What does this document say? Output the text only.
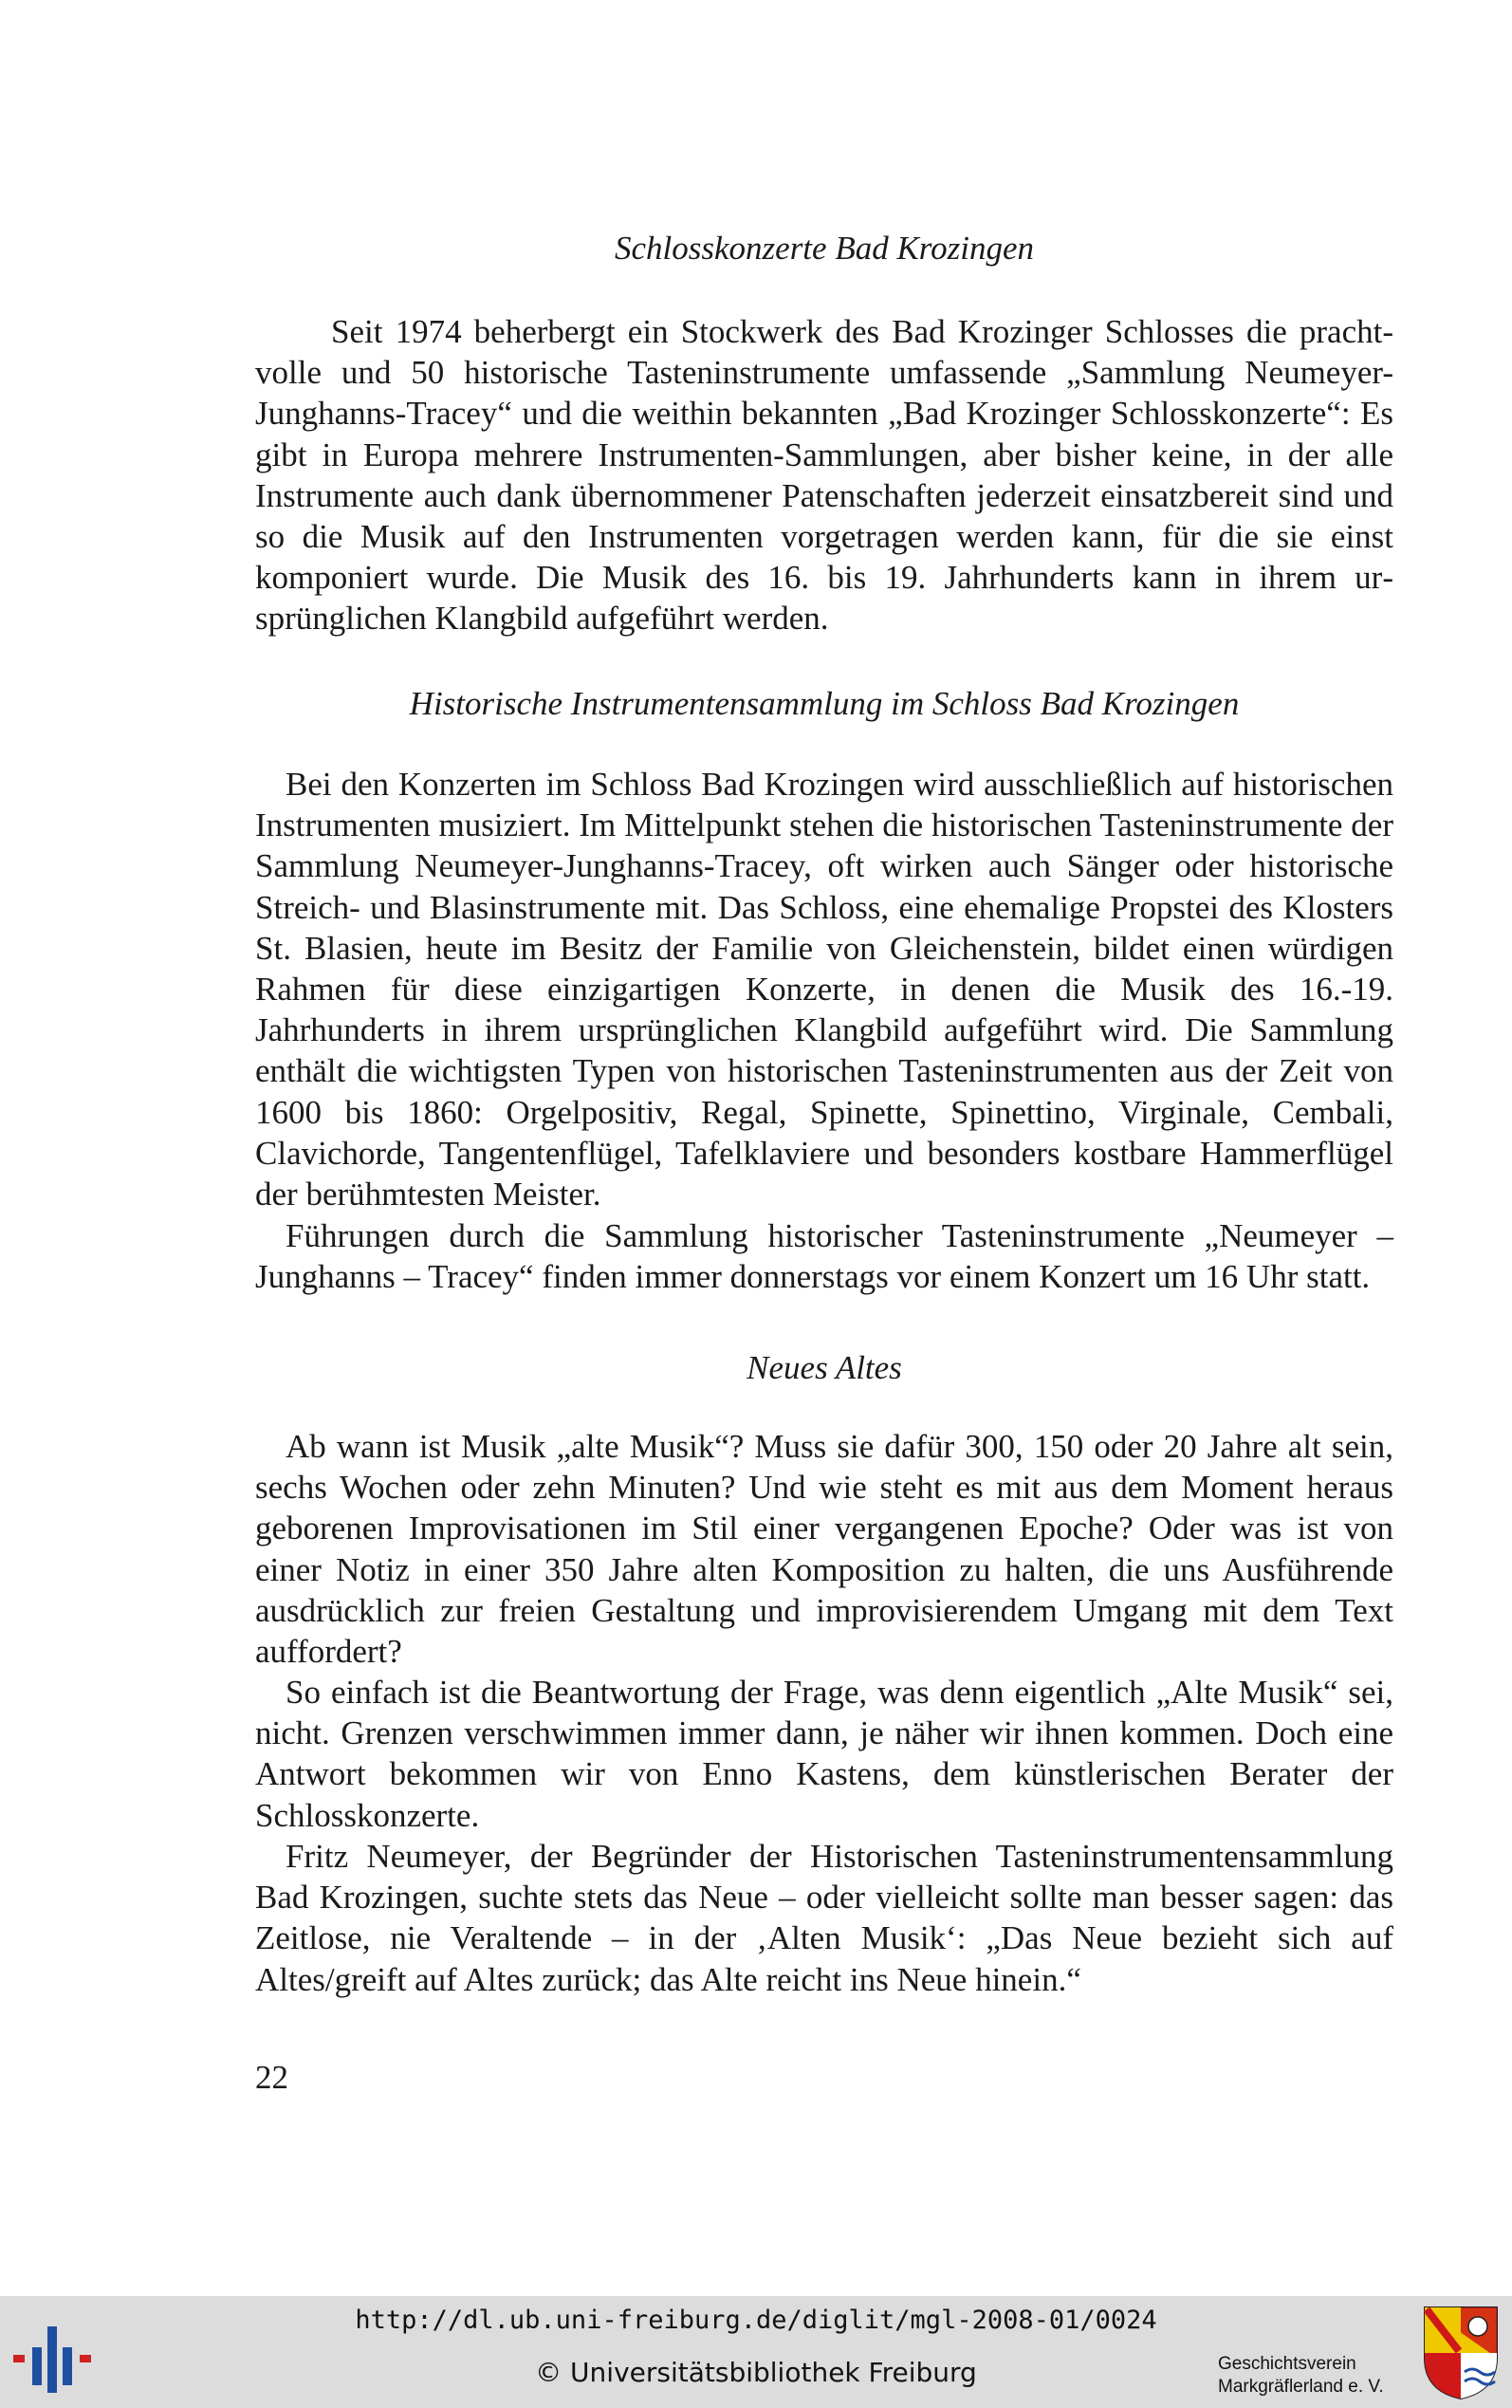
Schlosskonzerte Bad Krozingen

Seit 1974 beherbergt ein Stockwerk des Bad Krozinger Schlosses die prachtvolle und 50 historische Tasteninstrumente umfassende „Sammlung Neumeyer-Junghanns-Tracey“ und die weithin bekannten „Bad Krozinger Schlosskonzerte“: Es gibt in Europa mehrere Instrumenten-Sammlungen, aber bisher keine, in der alle Instrumente auch dank übernommener Patenschaften jederzeit einsatzbereit sind und so die Musik auf den Instrumenten vorgetragen werden kann, für die sie einst komponiert wurde. Die Musik des 16. bis 19. Jahrhunderts kann in ihrem ursprünglichen Klangbild aufgeführt werden.

Historische Instrumentensammlung im Schloss Bad Krozingen

Bei den Konzerten im Schloss Bad Krozingen wird ausschließlich auf historischen Instrumenten musiziert. Im Mittelpunkt stehen die historischen Tasteninstrumente der Sammlung Neumeyer-Junghanns-Tracey, oft wirken auch Sänger oder historische Streich- und Blasinstrumente mit. Das Schloss, eine ehemalige Propstei des Klosters St. Blasien, heute im Besitz der Familie von Gleichenstein, bildet einen würdigen Rahmen für diese einzigartigen Konzerte, in denen die Musik des 16.-19. Jahrhunderts in ihrem ursprünglichen Klangbild aufgeführt wird. Die Sammlung enthält die wichtigsten Typen von historischen Tasteninstrumenten aus der Zeit von 1600 bis 1860: Orgelpositiv, Regal, Spinette, Spinettino, Virginale, Cembali, Clavichorde, Tangentenflügel, Tafelklaviere und besonders kostbare Hammerflügel der berühmtesten Meister.

Führungen durch die Sammlung historischer Tasteninstrumente „Neumeyer – Junghanns – Tracey“ finden immer donnerstags vor einem Konzert um 16 Uhr statt.

Neues Altes

Ab wann ist Musik „alte Musik“? Muss sie dafür 300, 150 oder 20 Jahre alt sein, sechs Wochen oder zehn Minuten? Und wie steht es mit aus dem Moment heraus geborenen Improvisationen im Stil einer vergangenen Epoche? Oder was ist von einer Notiz in einer 350 Jahre alten Komposition zu halten, die uns Ausführende ausdrücklich zur freien Gestaltung und improvisierendem Umgang mit dem Text auffordert?

So einfach ist die Beantwortung der Frage, was denn eigentlich „Alte Musik“ sei, nicht. Grenzen verschwimmen immer dann, je näher wir ihnen kommen. Doch eine Antwort bekommen wir von Enno Kastens, dem künstlerischen Berater der Schlosskonzerte.

Fritz Neumeyer, der Begründer der Historischen Tasteninstrumentensammlung Bad Krozingen, suchte stets das Neue – oder vielleicht sollte man besser sagen: das Zeitlose, nie Veraltende – in der ‚Alten Musik‘: „Das Neue bezieht sich auf Altes/greift auf Altes zurück; das Alte reicht ins Neue hinein.“

22

http://dl.ub.uni-freiburg.de/diglit/mgl-2008-01/0024

© Universitätsbibliothek Freiburg	Geschichtsverein
Markgräflerland e. V.
